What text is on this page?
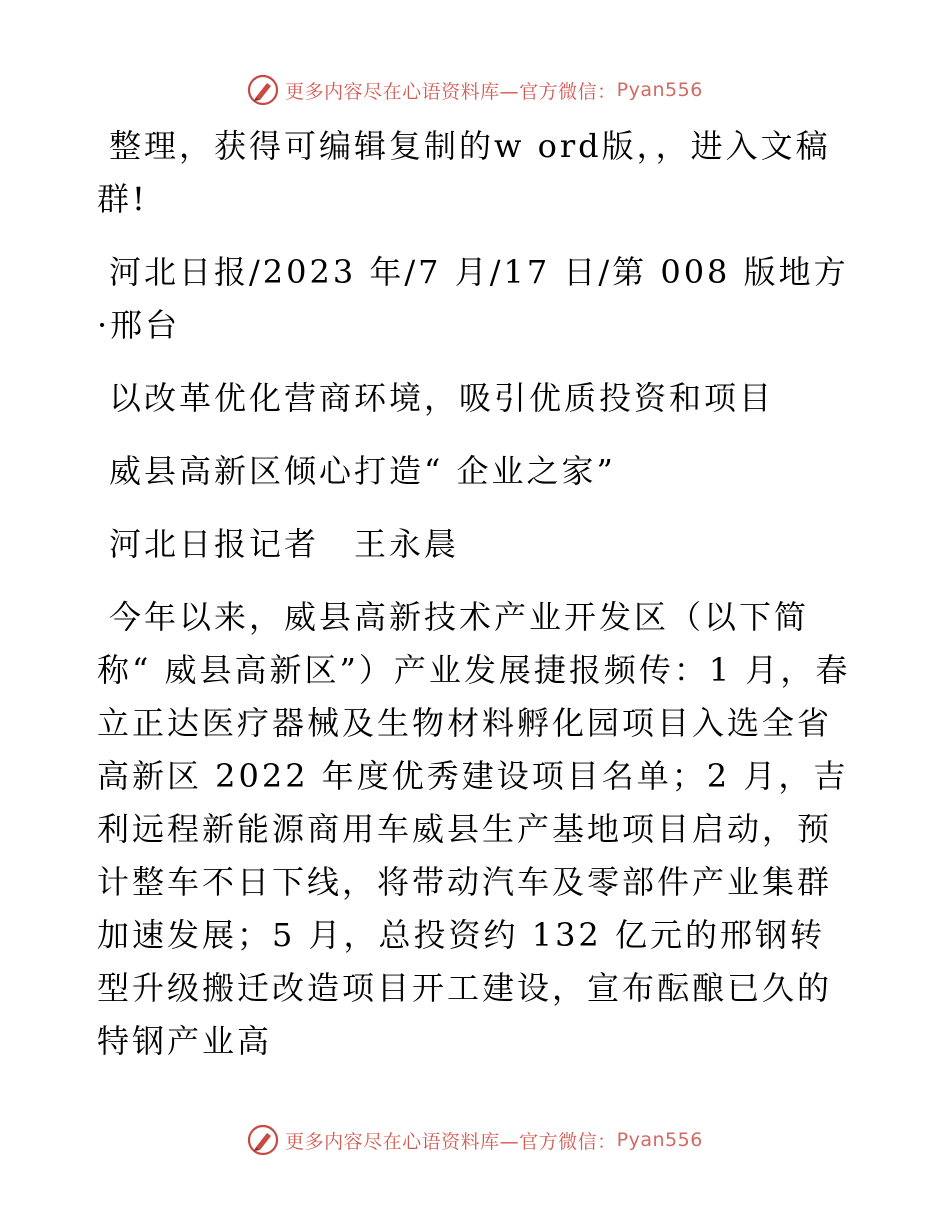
更多内容尽在心语资料库—官方微信： Pyan556

整理，获得可编辑复制的w ord版，，进入文稿群!

河北日报/2023 年/7 月/17 日/第 008 版地方·邢台

以改革优化营商环境，吸引优质投资和项目

威县高新区倾心打造“ 企业之家”

河北日报记者　王永晨

今年以来，威县高新技术产业开发区（以下简称“ 威县高新区”）产业发展捷报频传：1 月，春立正达医疗器械及生物材料孵化园项目入选全省高新区 2022 年度优秀建设项目名单；2 月，吉利远程新能源商用车威县生产基地项目启动，预计整车不日下线，将带动汽车及零部件产业集群加速发展；5 月，总投资约 132 亿元的邢钢转型升级搬迁改造项目开工建设，宣布酝酿已久的特钢产业高

更多内容尽在心语资料库—官方微信： Pyan556
